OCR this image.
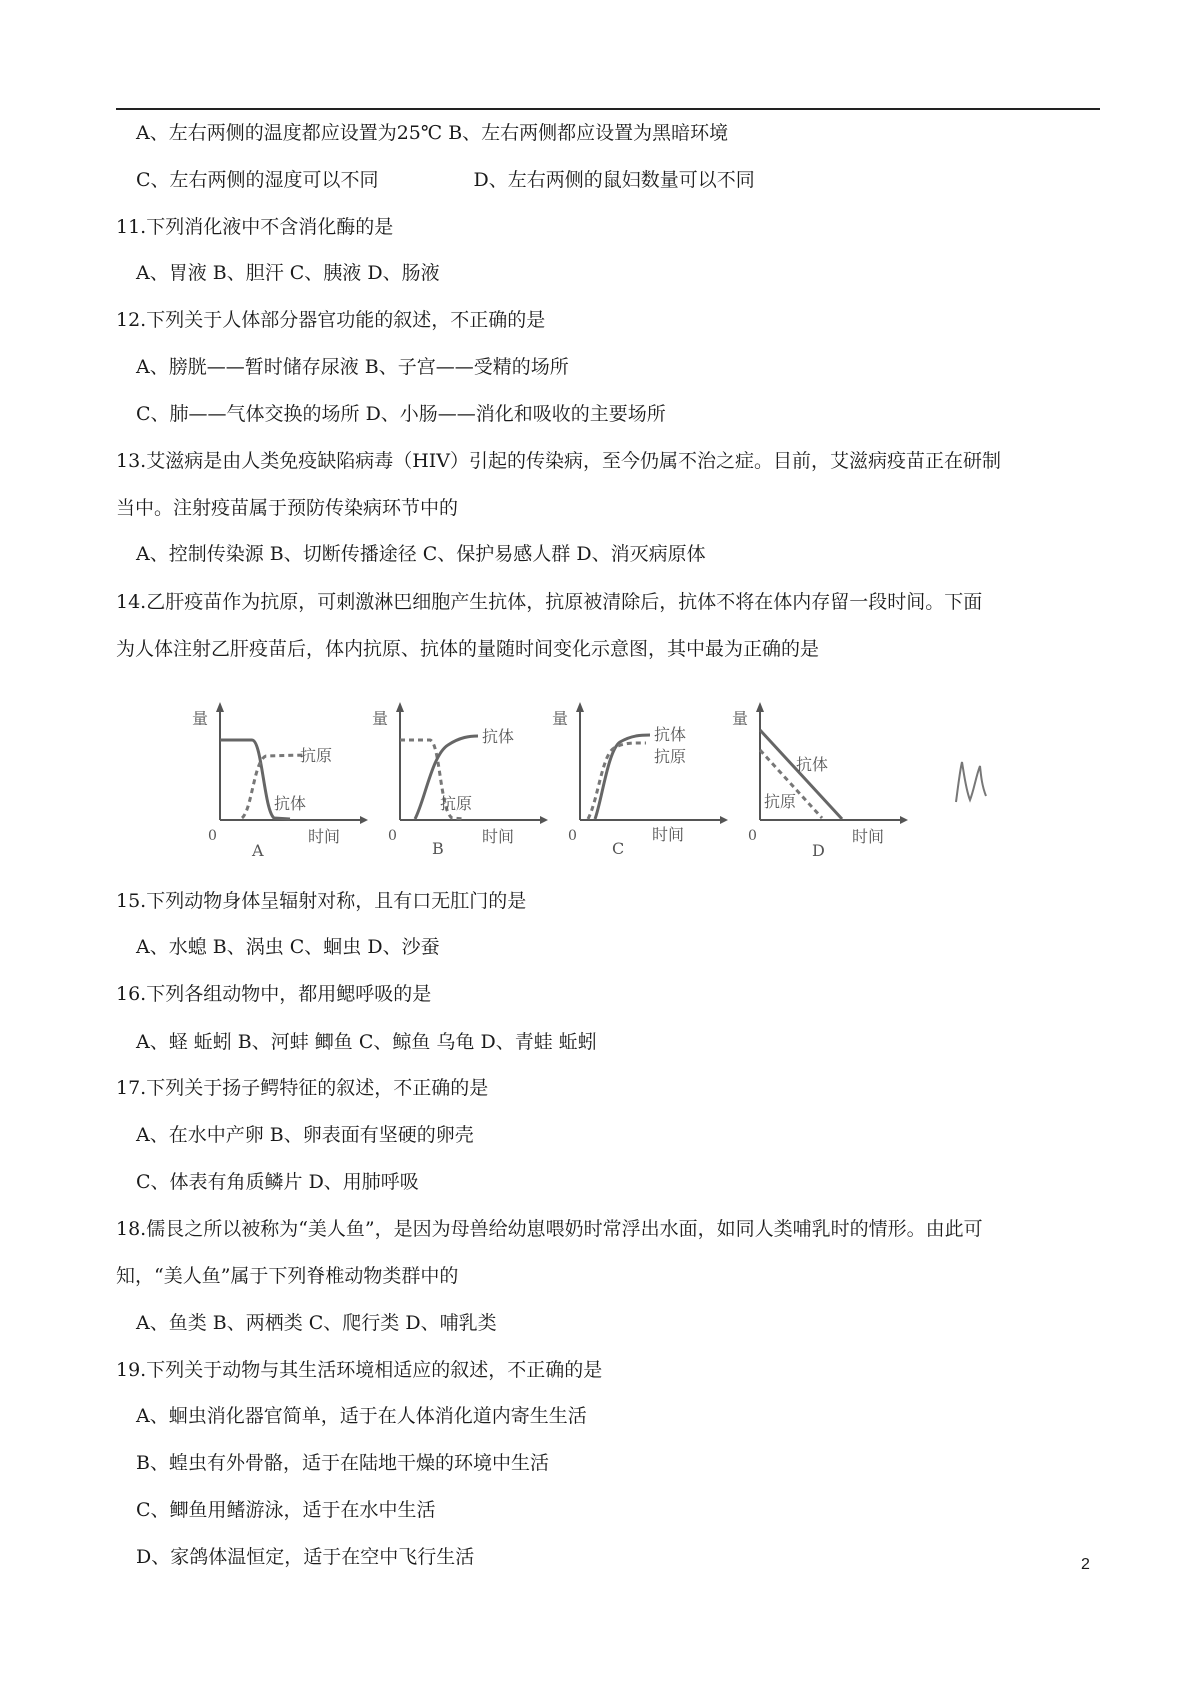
A、左右两侧的温度都应设置为25℃ B、左右两侧都应设置为黑暗环境
C、左右两侧的湿度可以不同	D、左右两侧的鼠妇数量可以不同
11.下列消化液中不含消化酶的是
A、胃液 B、胆汗 C、胰液 D、肠液
12.下列关于人体部分器官功能的叙述，不正确的是
A、膀胱——暂时储存尿液 B、子宫——受精的场所
C、肺——气体交换的场所 D、小肠——消化和吸收的主要场所
13.艾滋病是由人类免疫缺陷病毒（HIV）引起的传染病，至今仍属不治之症。目前，艾滋病疫苗正在研制
当中。注射疫苗属于预防传染病环节中的
A、控制传染源 B、切断传播途径 C、保护易感人群 D、消灭病原体
14.乙肝疫苗作为抗原，可刺激淋巴细胞产生抗体，抗原被清除后，抗体不将在体内存留一段时间。下面
为人体注射乙肝疫苗后，体内抗原、抗体的量随时间变化示意图，其中最为正确的是
15.下列动物身体呈辐射对称，且有口无肛门的是
A、水螅 B、涡虫 C、蛔虫 D、沙蚕
16.下列各组动物中，都用鳃呼吸的是
A、蛏 蚯蚓 B、河蚌 鲫鱼 C、鲸鱼 乌龟 D、青蛙 蚯蚓
17.下列关于扬子鳄特征的叙述，不正确的是
A、在水中产卵 B、卵表面有坚硬的卵壳
C、体表有角质鳞片 D、用肺呼吸
18.儒艮之所以被称为“美人鱼”，是因为母兽给幼崽喂奶时常浮出水面，如同人类哺乳时的情形。由此可
知，“美人鱼”属于下列脊椎动物类群中的
A、鱼类 B、两栖类 C、爬行类 D、哺乳类
19.下列关于动物与其生活环境相适应的叙述，不正确的是
A、蛔虫消化器官简单，适于在人体消化道内寄生生活
B、蝗虫有外骨骼，适于在陆地干燥的环境中生活
C、鲫鱼用鳍游泳，适于在水中生活
D、家鸽体温恒定，适于在空中飞行生活
量
0
抗原
抗体
时间
A
量
0
抗体
抗原
时间
B
量
0
抗体
抗原
时间
C
量
0
抗体
抗原
时间
D
2
